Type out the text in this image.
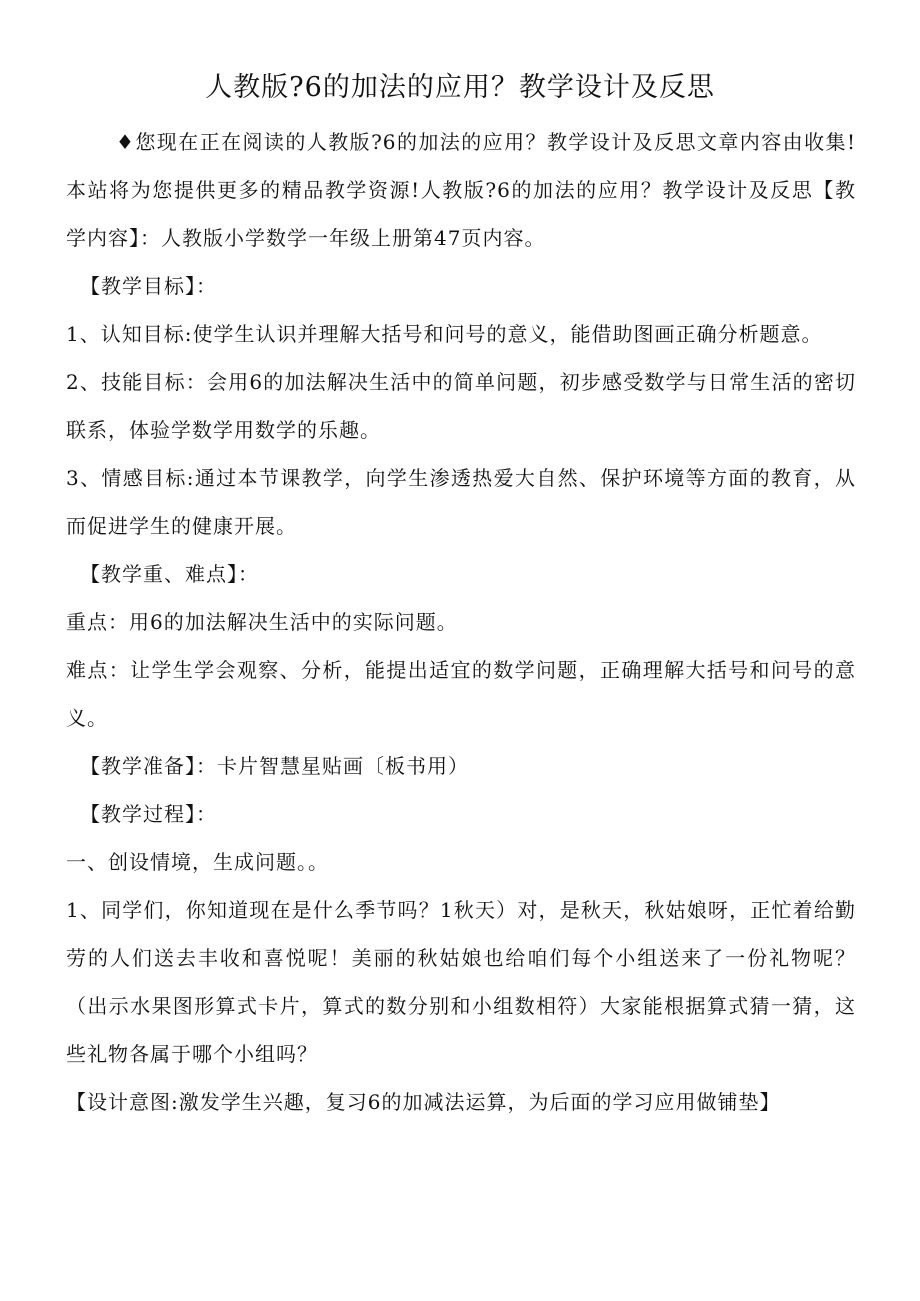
人教版?6的加法的应用？教学设计及反思

♦您现在正在阅读的人教版?6的加法的应用？教学设计及反思文章内容由收集!本站将为您提供更多的精品教学资源!人教版?6的加法的应用？教学设计及反思【教学内容】：人教版小学数学一年级上册第47页内容。

【教学目标】：

1、认知目标:使学生认识并理解大括号和问号的意义，能借助图画正确分析题意。

2、技能目标：会用6的加法解决生活中的简单问题，初步感受数学与日常生活的密切联系，体验学数学用数学的乐趣。

3、情感目标:通过本节课教学，向学生渗透热爱大自然、保护环境等方面的教育，从而促进学生的健康开展。

【教学重、难点】：

重点：用6的加法解决生活中的实际问题。

难点：让学生学会观察、分析，能提出适宜的数学问题，正确理解大括号和问号的意义。

【教学准备】：卡片智慧星贴画〔板书用）

【教学过程】：

一、创设情境，生成问题。。

1、同学们，你知道现在是什么季节吗？1秋天）对，是秋天，秋姑娘呀，正忙着给勤劳的人们送去丰收和喜悦呢！美丽的秋姑娘也给咱们每个小组送来了一份礼物呢？（出示水果图形算式卡片，算式的数分别和小组数相符）大家能根据算式猜一猜，这些礼物各属于哪个小组吗？

【设计意图:激发学生兴趣，复习6的加减法运算，为后面的学习应用做铺垫】
